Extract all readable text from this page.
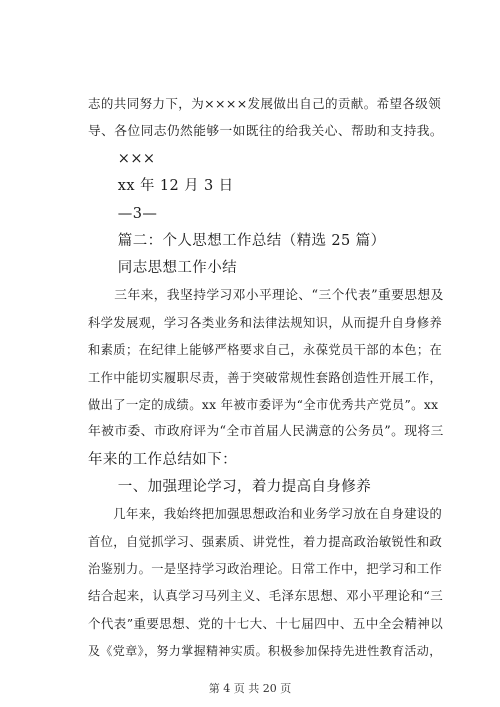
志的共同努力下，为××××发展做出自己的贡献。希望各级领
导、各位同志仍然能够一如既往的给我关心、帮助和支持我。
　　×××
　　xx 年 12 月 3 日
　　—3—
　　篇二：个人思想工作总结（精选 25 篇）
　　同志思想工作小结
　　三年来，我坚持学习邓小平理论、“三个代表”重要思想及
科学发展观，学习各类业务和法律法规知识，从而提升自身修养
和素质；在纪律上能够严格要求自己，永葆党员干部的本色；在
工作中能切实履职尽责，善于突破常规性套路创造性开展工作，
做出了一定的成绩。xx 年被市委评为“全市优秀共产党员”。xx
年被市委、市政府评为“全市首届人民满意的公务员”。现将三
年来的工作总结如下：
　　一、加强理论学习，着力提高自身修养
　　几年来，我始终把加强思想政治和业务学习放在自身建设的
首位，自觉抓学习、强素质、讲党性，着力提高政治敏锐性和政
治鉴别力。一是坚持学习政治理论。日常工作中，把学习和工作
结合起来，认真学习马列主义、毛泽东思想、邓小平理论和“三
个代表”重要思想、党的十七大、十七届四中、五中全会精神以
及《党章》，努力掌握精神实质。积极参加保持先进性教育活动，
第 4 页 共 20 页
